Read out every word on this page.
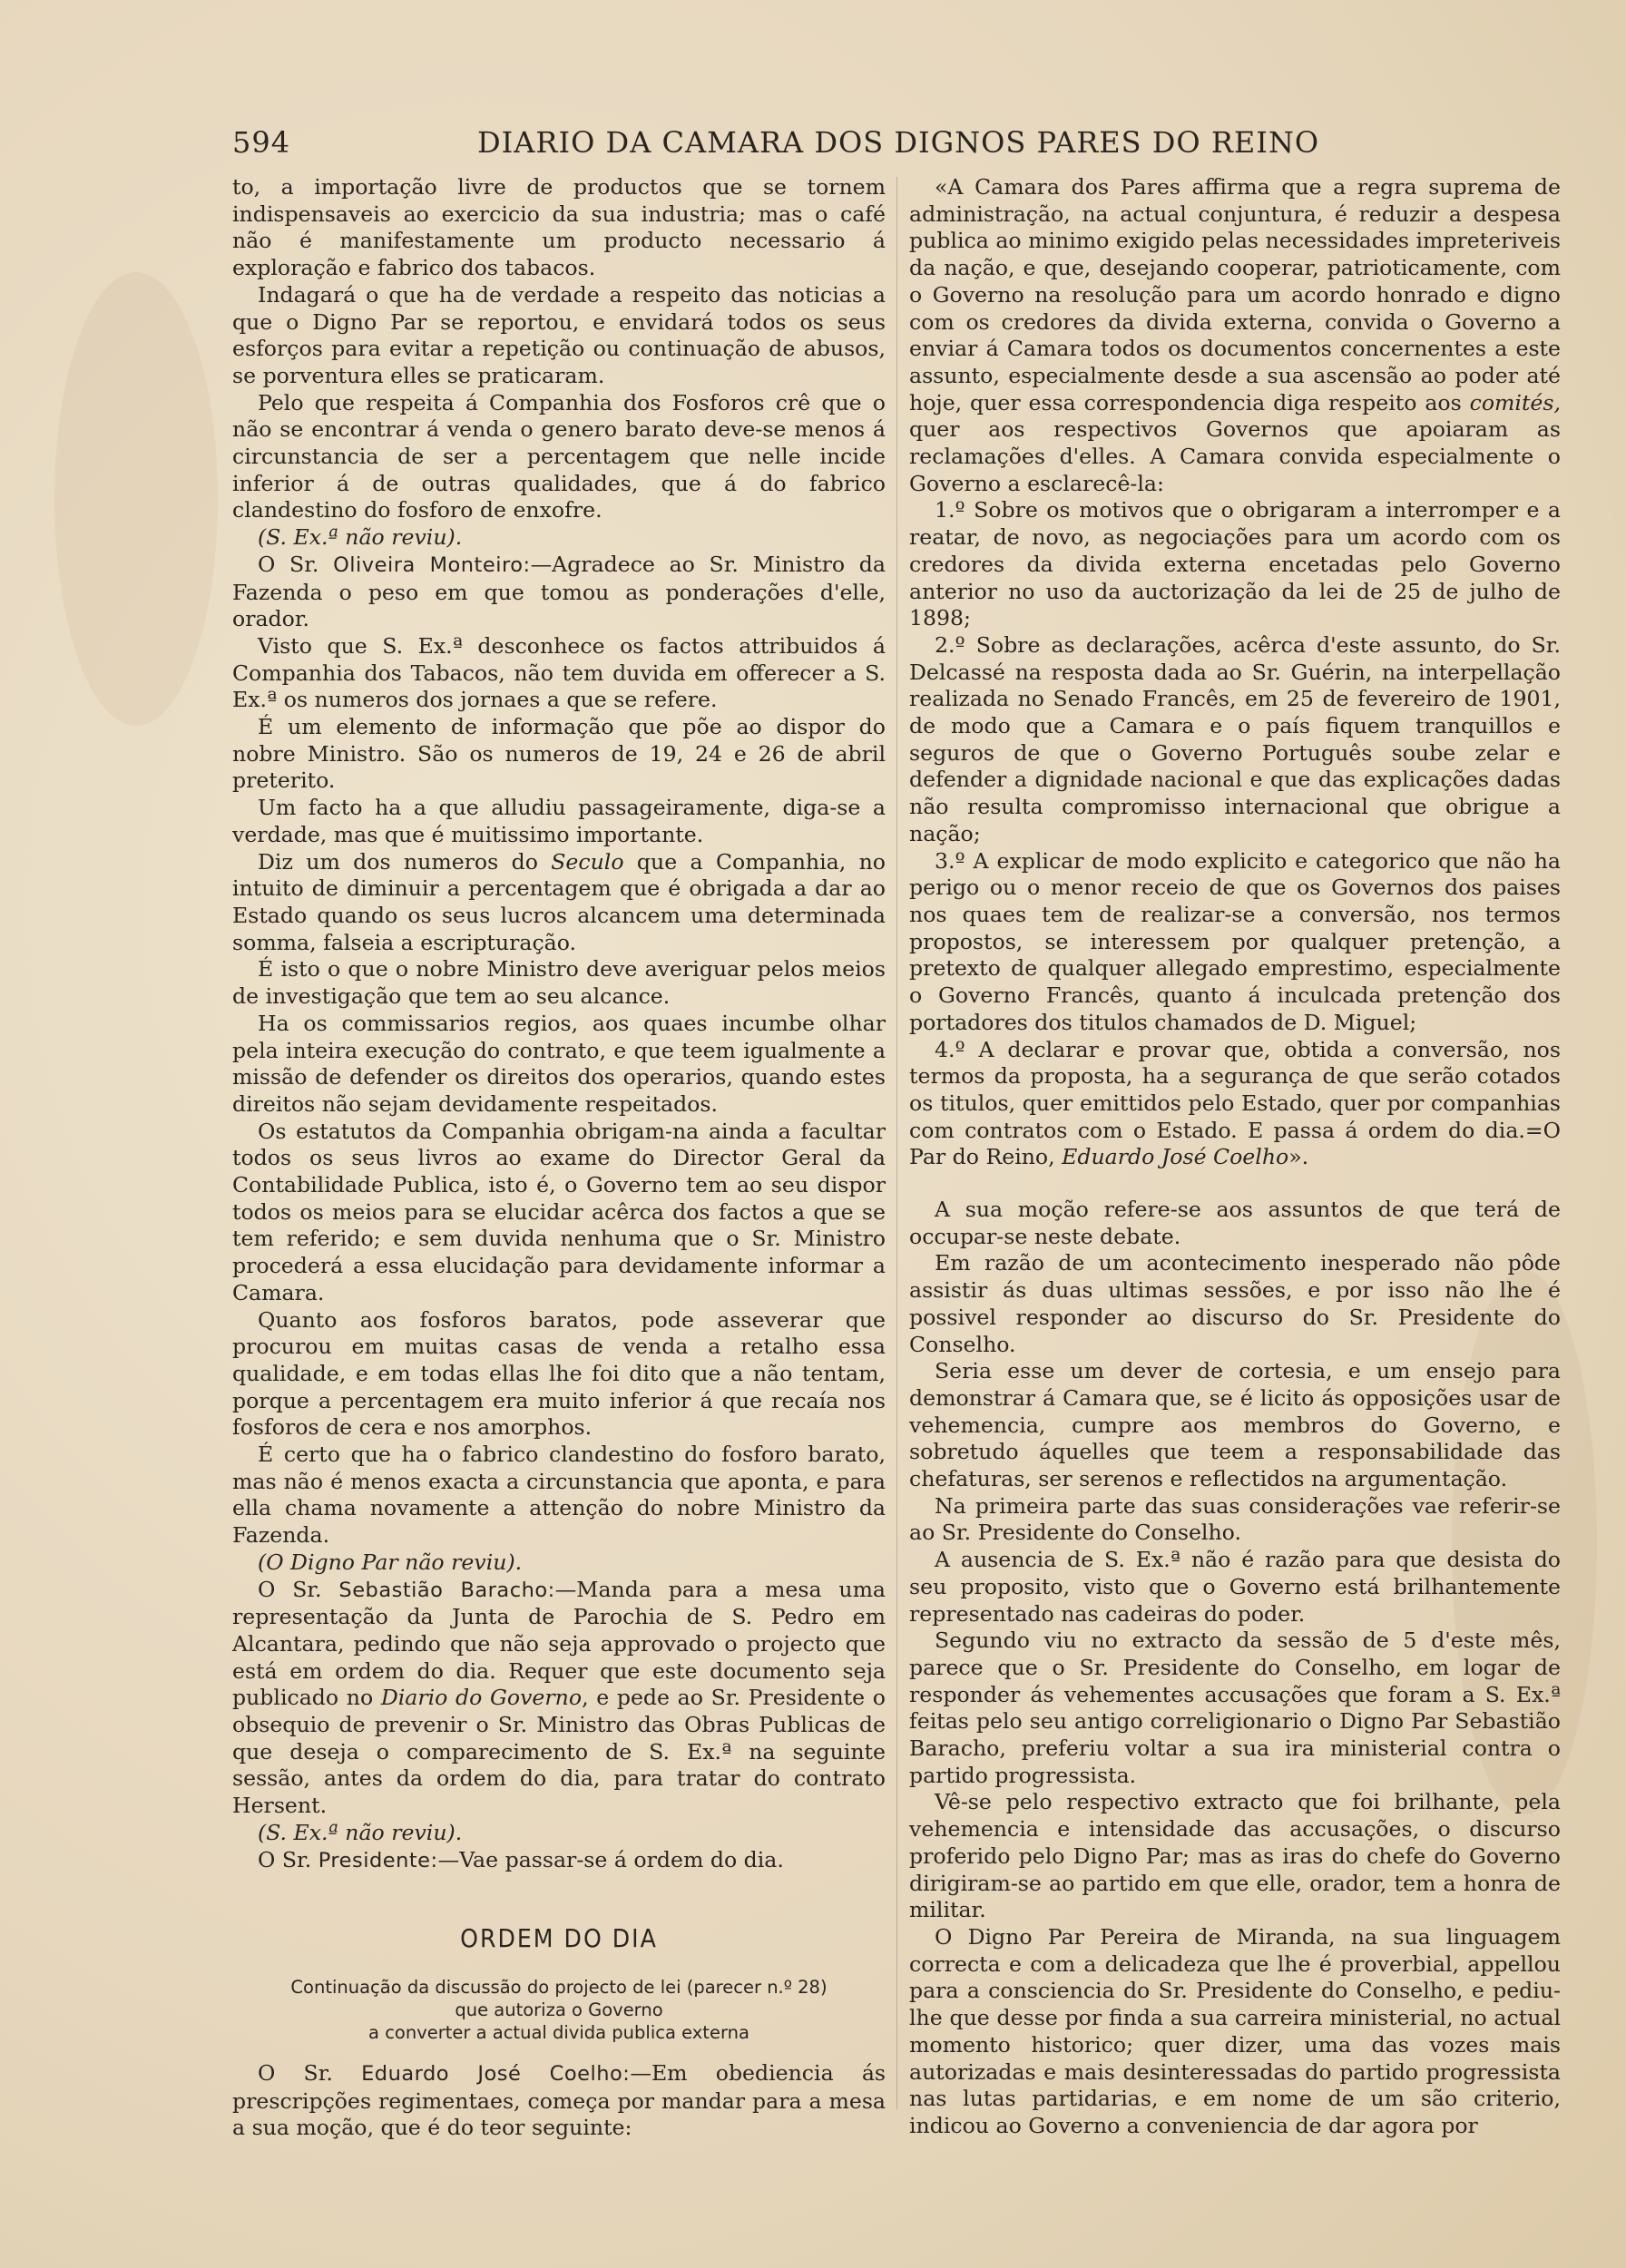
594	DIARIO DA CAMARA DOS DIGNOS PARES DO REINO

to, a importação livre de productos que se tornem indispensaveis ao exercicio da sua industria; mas o café não é manifestamente um producto necessario á exploração e fabrico dos tabacos.

Indagará o que ha de verdade a respeito das noticias a que o Digno Par se reportou, e envidará todos os seus esforços para evitar a repetição ou continuação de abusos, se porventura elles se praticaram.

Pelo que respeita á Companhia dos Fosforos crê que o não se encontrar á venda o genero barato deve-se menos á circunstancia de ser a percentagem que nelle incide inferior á de outras qualidades, que á do fabrico clandestino do fosforo de enxofre.

(S. Ex.ª não reviu).

O Sr. Oliveira Monteiro:—Agradece ao Sr. Ministro da Fazenda o peso em que tomou as ponderações d'elle, orador.

Visto que S. Ex.ª desconhece os factos attribuidos á Companhia dos Tabacos, não tem duvida em offerecer a S. Ex.ª os numeros dos jornaes a que se refere.

É um elemento de informação que põe ao dispor do nobre Ministro. São os numeros de 19, 24 e 26 de abril preterito.

Um facto ha a que alludiu passageiramente, diga-se a verdade, mas que é muitissimo importante.

Diz um dos numeros do Seculo que a Companhia, no intuito de diminuir a percentagem que é obrigada a dar ao Estado quando os seus lucros alcancem uma determinada somma, falseia a escripturação.

É isto o que o nobre Ministro deve averiguar pelos meios de investigação que tem ao seu alcance.

Ha os commissarios regios, aos quaes incumbe olhar pela inteira execução do contrato, e que teem igualmente a missão de defender os direitos dos operarios, quando estes direitos não sejam devidamente respeitados.

Os estatutos da Companhia obrigam-na ainda a facultar todos os seus livros ao exame do Director Geral da Contabilidade Publica, isto é, o Governo tem ao seu dispor todos os meios para se elucidar acêrca dos factos a que se tem referido; e sem duvida nenhuma que o Sr. Ministro procederá a essa elucidação para devidamente informar a Camara.

Quanto aos fosforos baratos, pode asseverar que procurou em muitas casas de venda a retalho essa qualidade, e em todas ellas lhe foi dito que a não tentam, porque a percentagem era muito inferior á que recaía nos fosforos de cera e nos amorphos.

É certo que ha o fabrico clandestino do fosforo barato, mas não é menos exacta a circunstancia que aponta, e para ella chama novamente a attenção do nobre Ministro da Fazenda.

(O Digno Par não reviu).

O Sr. Sebastião Baracho:—Manda para a mesa uma representação da Junta de Parochia de S. Pedro em Alcantara, pedindo que não seja approvado o projecto que está em ordem do dia. Requer que este documento seja publicado no Diario do Governo, e pede ao Sr. Presidente o obsequio de prevenir o Sr. Ministro das Obras Publicas de que deseja o comparecimento de S. Ex.ª na seguinte sessão, antes da ordem do dia, para tratar do contrato Hersent.

(S. Ex.ª não reviu).

O Sr. Presidente:—Vae passar-se á ordem do dia.

ORDEM DO DIA
Continuação da discussão do projecto de lei (parecer n.º 28)
que autoriza o Governo
a converter a actual divida publica externa

O Sr. Eduardo José Coelho:—Em obediencia ás prescripções regimentaes, começa por mandar para a mesa a sua moção, que é do teor seguinte:

«A Camara dos Pares affirma que a regra suprema de administração, na actual conjuntura, é reduzir a despesa publica ao minimo exigido pelas necessidades impreteriveis da nação, e que, desejando cooperar, patrioticamente, com o Governo na resolução para um acordo honrado e digno com os credores da divida externa, convida o Governo a enviar á Camara todos os documentos concernentes a este assunto, especialmente desde a sua ascensão ao poder até hoje, quer essa correspondencia diga respeito aos comités, quer aos respectivos Governos que apoiaram as reclamações d'elles. A Camara convida especialmente o Governo a esclarecê-la:

1.º Sobre os motivos que o obrigaram a interromper e a reatar, de novo, as negociações para um acordo com os credores da divida externa encetadas pelo Governo anterior no uso da auctorização da lei de 25 de julho de 1898;

2.º Sobre as declarações, acêrca d'este assunto, do Sr. Delcassé na resposta dada ao Sr. Guérin, na interpellação realizada no Senado Francês, em 25 de fevereiro de 1901, de modo que a Camara e o país fiquem tranquillos e seguros de que o Governo Português soube zelar e defender a dignidade nacional e que das explicações dadas não resulta compromisso internacional que obrigue a nação;

3.º A explicar de modo explicito e categorico que não ha perigo ou o menor receio de que os Governos dos paises nos quaes tem de realizar-se a conversão, nos termos propostos, se interessem por qualquer pretenção, a pretexto de qualquer allegado emprestimo, especialmente o Governo Francês, quanto á inculcada pretenção dos portadores dos titulos chamados de D. Miguel;

4.º A declarar e provar que, obtida a conversão, nos termos da proposta, ha a segurança de que serão cotados os titulos, quer emittidos pelo Estado, quer por companhias com contratos com o Estado. E passa á ordem do dia.=O Par do Reino, Eduardo José Coelho».

A sua moção refere-se aos assuntos de que terá de occupar-se neste debate.

Em razão de um acontecimento inesperado não pôde assistir ás duas ultimas sessões, e por isso não lhe é possivel responder ao discurso do Sr. Presidente do Conselho.

Seria esse um dever de cortesia, e um ensejo para demonstrar á Camara que, se é licito ás opposições usar de vehemencia, cumpre aos membros do Governo, e sobretudo áquelles que teem a responsabilidade das chefaturas, ser serenos e reflectidos na argumentação.

Na primeira parte das suas considerações vae referir-se ao Sr. Presidente do Conselho.

A ausencia de S. Ex.ª não é razão para que desista do seu proposito, visto que o Governo está brilhantemente representado nas cadeiras do poder.

Segundo viu no extracto da sessão de 5 d'este mês, parece que o Sr. Presidente do Conselho, em logar de responder ás vehementes accusações que foram a S. Ex.ª feitas pelo seu antigo correligionario o Digno Par Sebastião Baracho, preferiu voltar a sua ira ministerial contra o partido progressista.

Vê-se pelo respectivo extracto que foi brilhante, pela vehemencia e intensidade das accusações, o discurso proferido pelo Digno Par; mas as iras do chefe do Governo dirigiram-se ao partido em que elle, orador, tem a honra de militar.

O Digno Par Pereira de Miranda, na sua linguagem correcta e com a delicadeza que lhe é proverbial, appellou para a consciencia do Sr. Presidente do Conselho, e pediu-lhe que desse por finda a sua carreira ministerial, no actual momento historico; quer dizer, uma das vozes mais autorizadas e mais desinteressadas do partido progressista nas lutas partidarias, e em nome de um são criterio, indicou ao Governo a conveniencia de dar agora por
